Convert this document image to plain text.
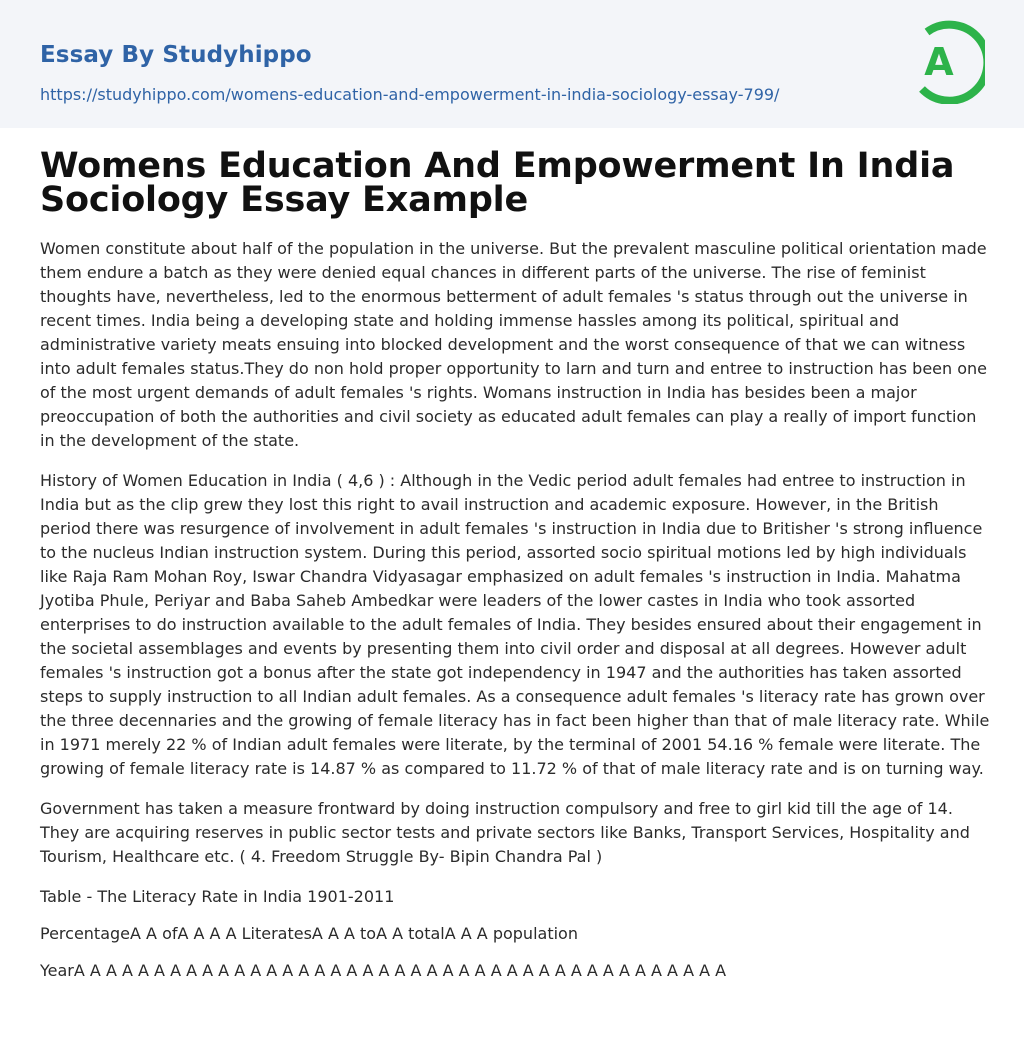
Essay By Studyhippo
https://studyhippo.com/womens-education-and-empowerment-in-india-sociology-essay-799/
A
Womens Education And Empowerment In India Sociology Essay Example

Women constitute about half of the population in the universe. But the prevalent masculine political orientation made them endure a batch as they were denied equal chances in different parts of the universe. The rise of feminist thoughts have, nevertheless, led to the enormous betterment of adult females 's status through out the universe in recent times. India being a developing state and holding immense hassles among its political, spiritual and administrative variety meats ensuing into blocked development and the worst consequence of that we can witness into adult females status.They do non hold proper opportunity to larn and turn and entree to instruction has been one of the most urgent demands of adult females 's rights. Womans instruction in India has besides been a major preoccupation of both the authorities and civil society as educated adult females can play a really of import function in the development of the state.

History of Women Education in India ( 4,6 ) : Although in the Vedic period adult females had entree to instruction in India but as the clip grew they lost this right to avail instruction and academic exposure. However, in the British period there was resurgence of involvement in adult females 's instruction in India due to Britisher 's strong influence to the nucleus Indian instruction system. During this period, assorted socio spiritual motions led by high individuals like Raja Ram Mohan Roy, Iswar Chandra Vidyasagar emphasized on adult females 's instruction in India. Mahatma Jyotiba Phule, Periyar and Baba Saheb Ambedkar were leaders of the lower castes in India who took assorted enterprises to do instruction available to the adult females of India. They besides ensured about their engagement in the societal assemblages and events by presenting them into civil order and disposal at all degrees. However adult females 's instruction got a bonus after the state got independency in 1947 and the authorities has taken assorted steps to supply instruction to all Indian adult females. As a consequence adult females 's literacy rate has grown over the three decennaries and the growing of female literacy has in fact been higher than that of male literacy rate. While in 1971 merely 22 % of Indian adult females were literate, by the terminal of 2001 54.16 % female were literate. The growing of female literacy rate is 14.87 % as compared to 11.72 % of that of male literacy rate and is on turning way.

Government has taken a measure frontward by doing instruction compulsory and free to girl kid till the age of 14. They are acquiring reserves in public sector tests and private sectors like Banks, Transport Services, Hospitality and Tourism, Healthcare etc. ( 4. Freedom Struggle By- Bipin Chandra Pal )

Table - The Literacy Rate in India 1901-2011

PercentageA A ofA A A A LiteratesA A A toA A totalA A A population

YearA A A A A A A A A A A A A A A A A A A A A A A A A A A A A A A A A A A A A A A A A
